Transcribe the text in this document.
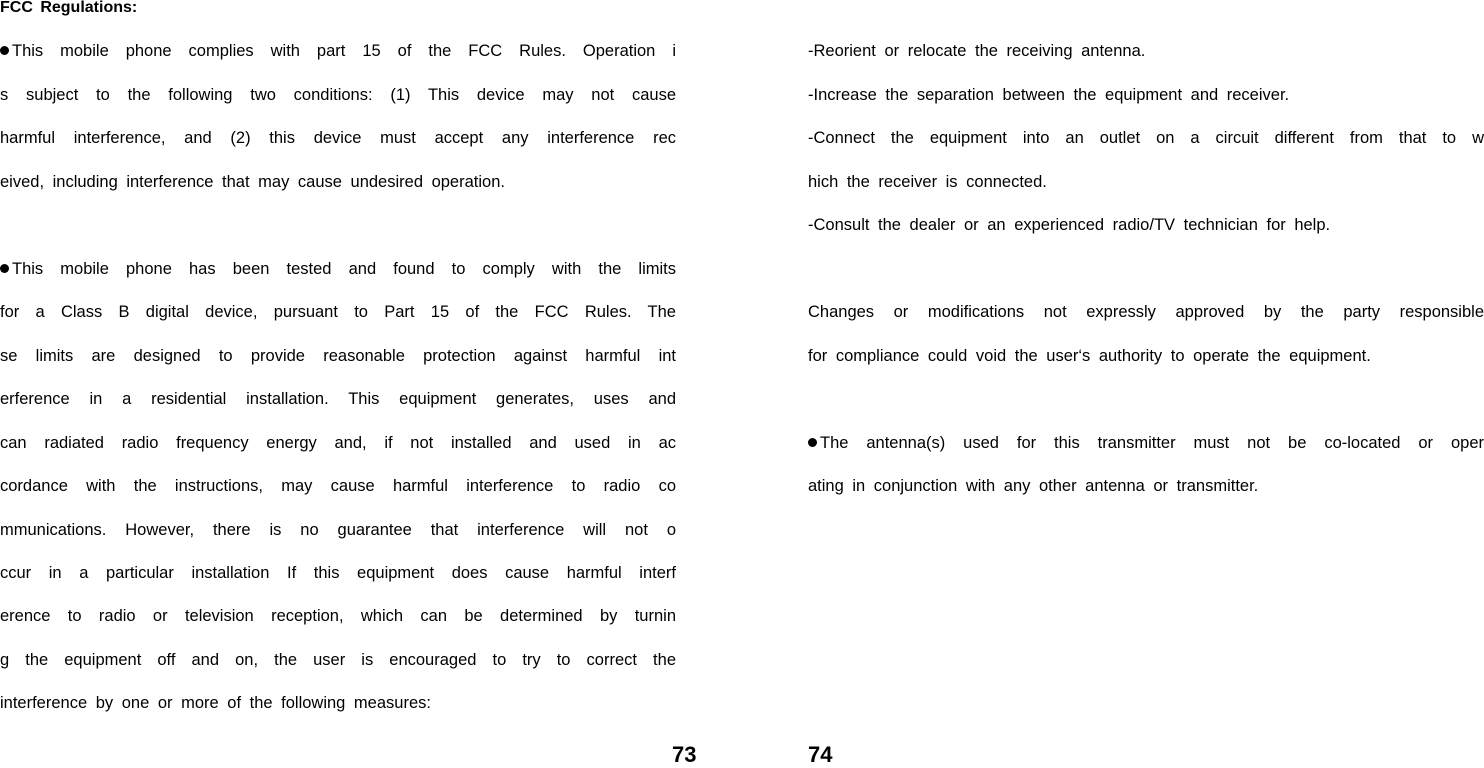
FCC Regulations:
This mobile phone complies with part 15 of the FCC Rules. Operation i
s subject to the following two conditions: (1) This device may not cause
harmful interference, and (2) this device must accept any interference rec
eived, including interference that may cause undesired operation.
This mobile phone has been tested and found to comply with the limits
for a Class B digital device, pursuant to Part 15 of the FCC Rules. The
se limits are designed to provide reasonable protection against harmful int
erference in a residential installation. This equipment generates, uses and
can radiated radio frequency energy and, if not installed and used in ac
cordance with the instructions, may cause harmful interference to radio co
mmunications. However, there is no guarantee that interference will not o
ccur in a particular installation If this equipment does cause harmful interf
erence to radio or television reception, which can be determined by turnin
g the equipment off and on, the user is encouraged to try to correct the
interference by one or more of the following measures:
73
-Reorient or relocate the receiving antenna.
-Increase the separation between the equipment and receiver.
-Connect the equipment into an outlet on a circuit different from that to w
hich the receiver is connected.
-Consult the dealer or an experienced radio/TV technician for help.
Changes or modifications not expressly approved by the party responsible
for compliance could void the user‘s authority to operate the equipment.
The antenna(s) used for this transmitter must not be co-located or oper
ating in conjunction with any other antenna or transmitter.
74
